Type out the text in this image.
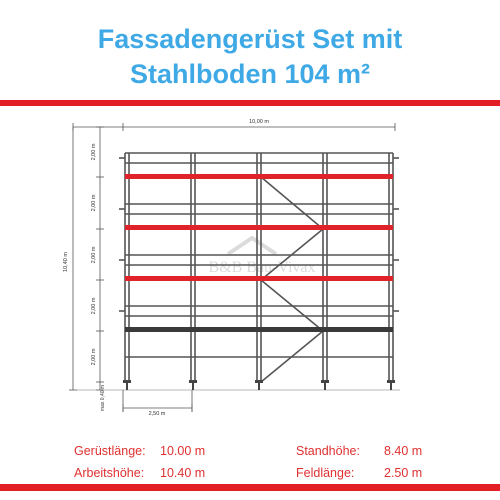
Fassadengerüst Set mit
Stahlboden 104 m²
B&B Bau-Vivax
10,00 m
10,40 m
2,00 m
2,00 m
2,00 m
2,00 m
2,00 m
max 0,40 m
2,50 m
Gerüstlänge: 10.00 m	Standhöhe: 8.40 m
Arbeitshöhe: 10.40 m	Feldlänge: 2.50 m
